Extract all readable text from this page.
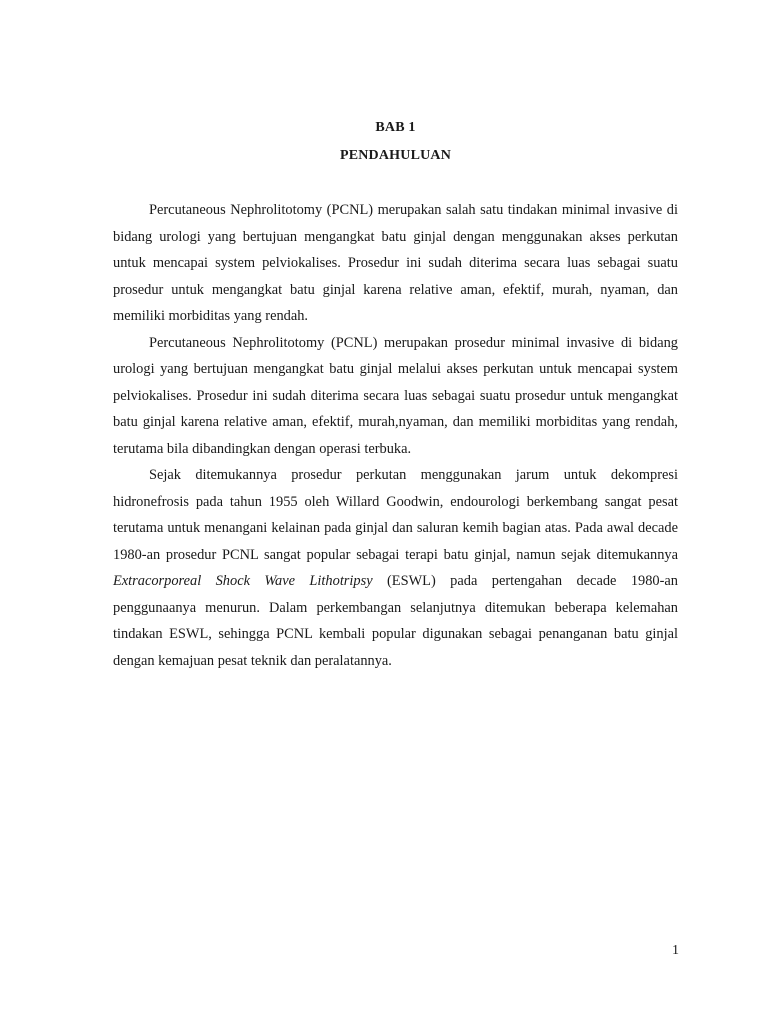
BAB 1
PENDAHULUAN

Percutaneous Nephrolitotomy (PCNL) merupakan salah satu tindakan minimal invasive di bidang urologi yang bertujuan mengangkat batu ginjal dengan menggunakan akses perkutan untuk mencapai system pelviokalises. Prosedur ini sudah diterima secara luas sebagai suatu prosedur untuk mengangkat batu ginjal karena relative aman, efektif, murah, nyaman, dan memiliki morbiditas yang rendah.

Percutaneous Nephrolitotomy (PCNL) merupakan prosedur minimal invasive di bidang urologi yang bertujuan mengangkat batu ginjal melalui akses perkutan untuk mencapai system pelviokalises. Prosedur ini sudah diterima secara luas sebagai suatu prosedur untuk mengangkat batu ginjal karena relative aman, efektif, murah,nyaman, dan memiliki morbiditas yang rendah, terutama bila dibandingkan dengan operasi terbuka.

Sejak ditemukannya prosedur perkutan menggunakan jarum untuk dekompresi hidronefrosis pada tahun 1955 oleh Willard Goodwin, endourologi berkembang sangat pesat terutama untuk menangani kelainan pada ginjal dan saluran kemih bagian atas. Pada awal decade 1980-an prosedur PCNL sangat popular sebagai terapi batu ginjal, namun sejak ditemukannya Extracorporeal Shock Wave Lithotripsy (ESWL) pada pertengahan decade 1980-an penggunaanya menurun. Dalam perkembangan selanjutnya ditemukan beberapa kelemahan tindakan ESWL, sehingga PCNL kembali popular digunakan sebagai penanganan batu ginjal dengan kemajuan pesat teknik dan peralatannya.

1
